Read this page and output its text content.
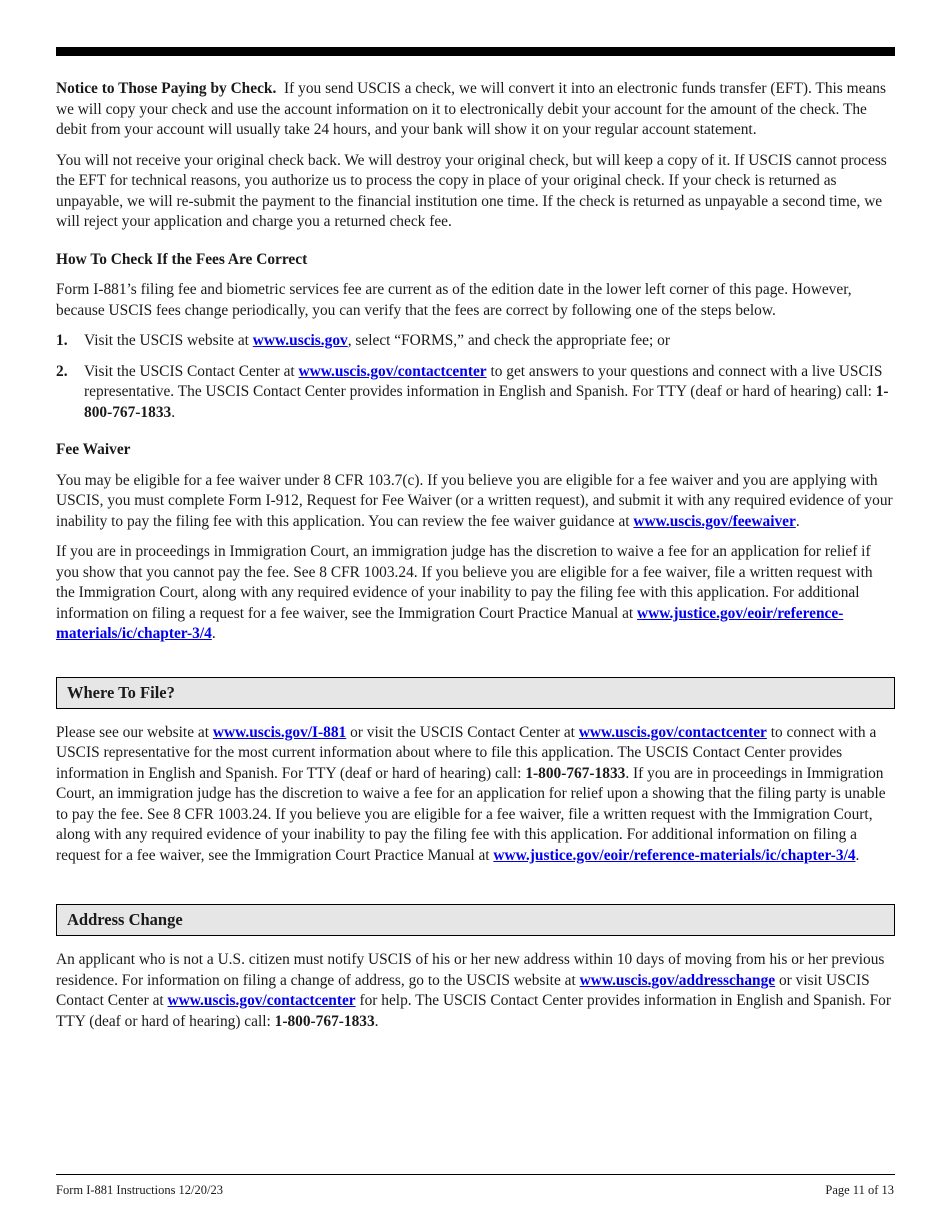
Notice to Those Paying by Check. If you send USCIS a check, we will convert it into an electronic funds transfer (EFT). This means we will copy your check and use the account information on it to electronically debit your account for the amount of the check. The debit from your account will usually take 24 hours, and your bank will show it on your regular account statement.

You will not receive your original check back. We will destroy your original check, but will keep a copy of it. If USCIS cannot process the EFT for technical reasons, you authorize us to process the copy in place of your original check. If your check is returned as unpayable, we will re-submit the payment to the financial institution one time. If the check is returned as unpayable a second time, we will reject your application and charge you a returned check fee.

How To Check If the Fees Are Correct

Form I-881’s filing fee and biometric services fee are current as of the edition date in the lower left corner of this page. However, because USCIS fees change periodically, you can verify that the fees are correct by following one of the steps below.

1. Visit the USCIS website at www.uscis.gov, select “FORMS,” and check the appropriate fee; or
2. Visit the USCIS Contact Center at www.uscis.gov/contactcenter to get answers to your questions and connect with a live USCIS representative. The USCIS Contact Center provides information in English and Spanish. For TTY (deaf or hard of hearing) call: 1-800-767-1833.
Fee Waiver

You may be eligible for a fee waiver under 8 CFR 103.7(c). If you believe you are eligible for a fee waiver and you are applying with USCIS, you must complete Form I-912, Request for Fee Waiver (or a written request), and submit it with any required evidence of your inability to pay the filing fee with this application. You can review the fee waiver guidance at www.uscis.gov/feewaiver.

If you are in proceedings in Immigration Court, an immigration judge has the discretion to waive a fee for an application for relief if you show that you cannot pay the fee. See 8 CFR 1003.24. If you believe you are eligible for a fee waiver, file a written request with the Immigration Court, along with any required evidence of your inability to pay the filing fee with this application. For additional information on filing a request for a fee waiver, see the Immigration Court Practice Manual at www.justice.gov/eoir/reference-materials/ic/chapter-3/4.

Where To File?

Please see our website at www.uscis.gov/I-881 or visit the USCIS Contact Center at www.uscis.gov/contactcenter to connect with a USCIS representative for the most current information about where to file this application. The USCIS Contact Center provides information in English and Spanish. For TTY (deaf or hard of hearing) call: 1-800-767-1833. If you are in proceedings in Immigration Court, an immigration judge has the discretion to waive a fee for an application for relief upon a showing that the filing party is unable to pay the fee. See 8 CFR 1003.24. If you believe you are eligible for a fee waiver, file a written request with the Immigration Court, along with any required evidence of your inability to pay the filing fee with this application. For additional information on filing a request for a fee waiver, see the Immigration Court Practice Manual at www.justice.gov/eoir/reference-materials/ic/chapter-3/4.

Address Change

An applicant who is not a U.S. citizen must notify USCIS of his or her new address within 10 days of moving from his or her previous residence. For information on filing a change of address, go to the USCIS website at www.uscis.gov/addresschange or visit USCIS Contact Center at www.uscis.gov/contactcenter for help. The USCIS Contact Center provides information in English and Spanish. For TTY (deaf or hard of hearing) call: 1-800-767-1833.

Form I-881 Instructions 12/20/23	Page 11 of 13
